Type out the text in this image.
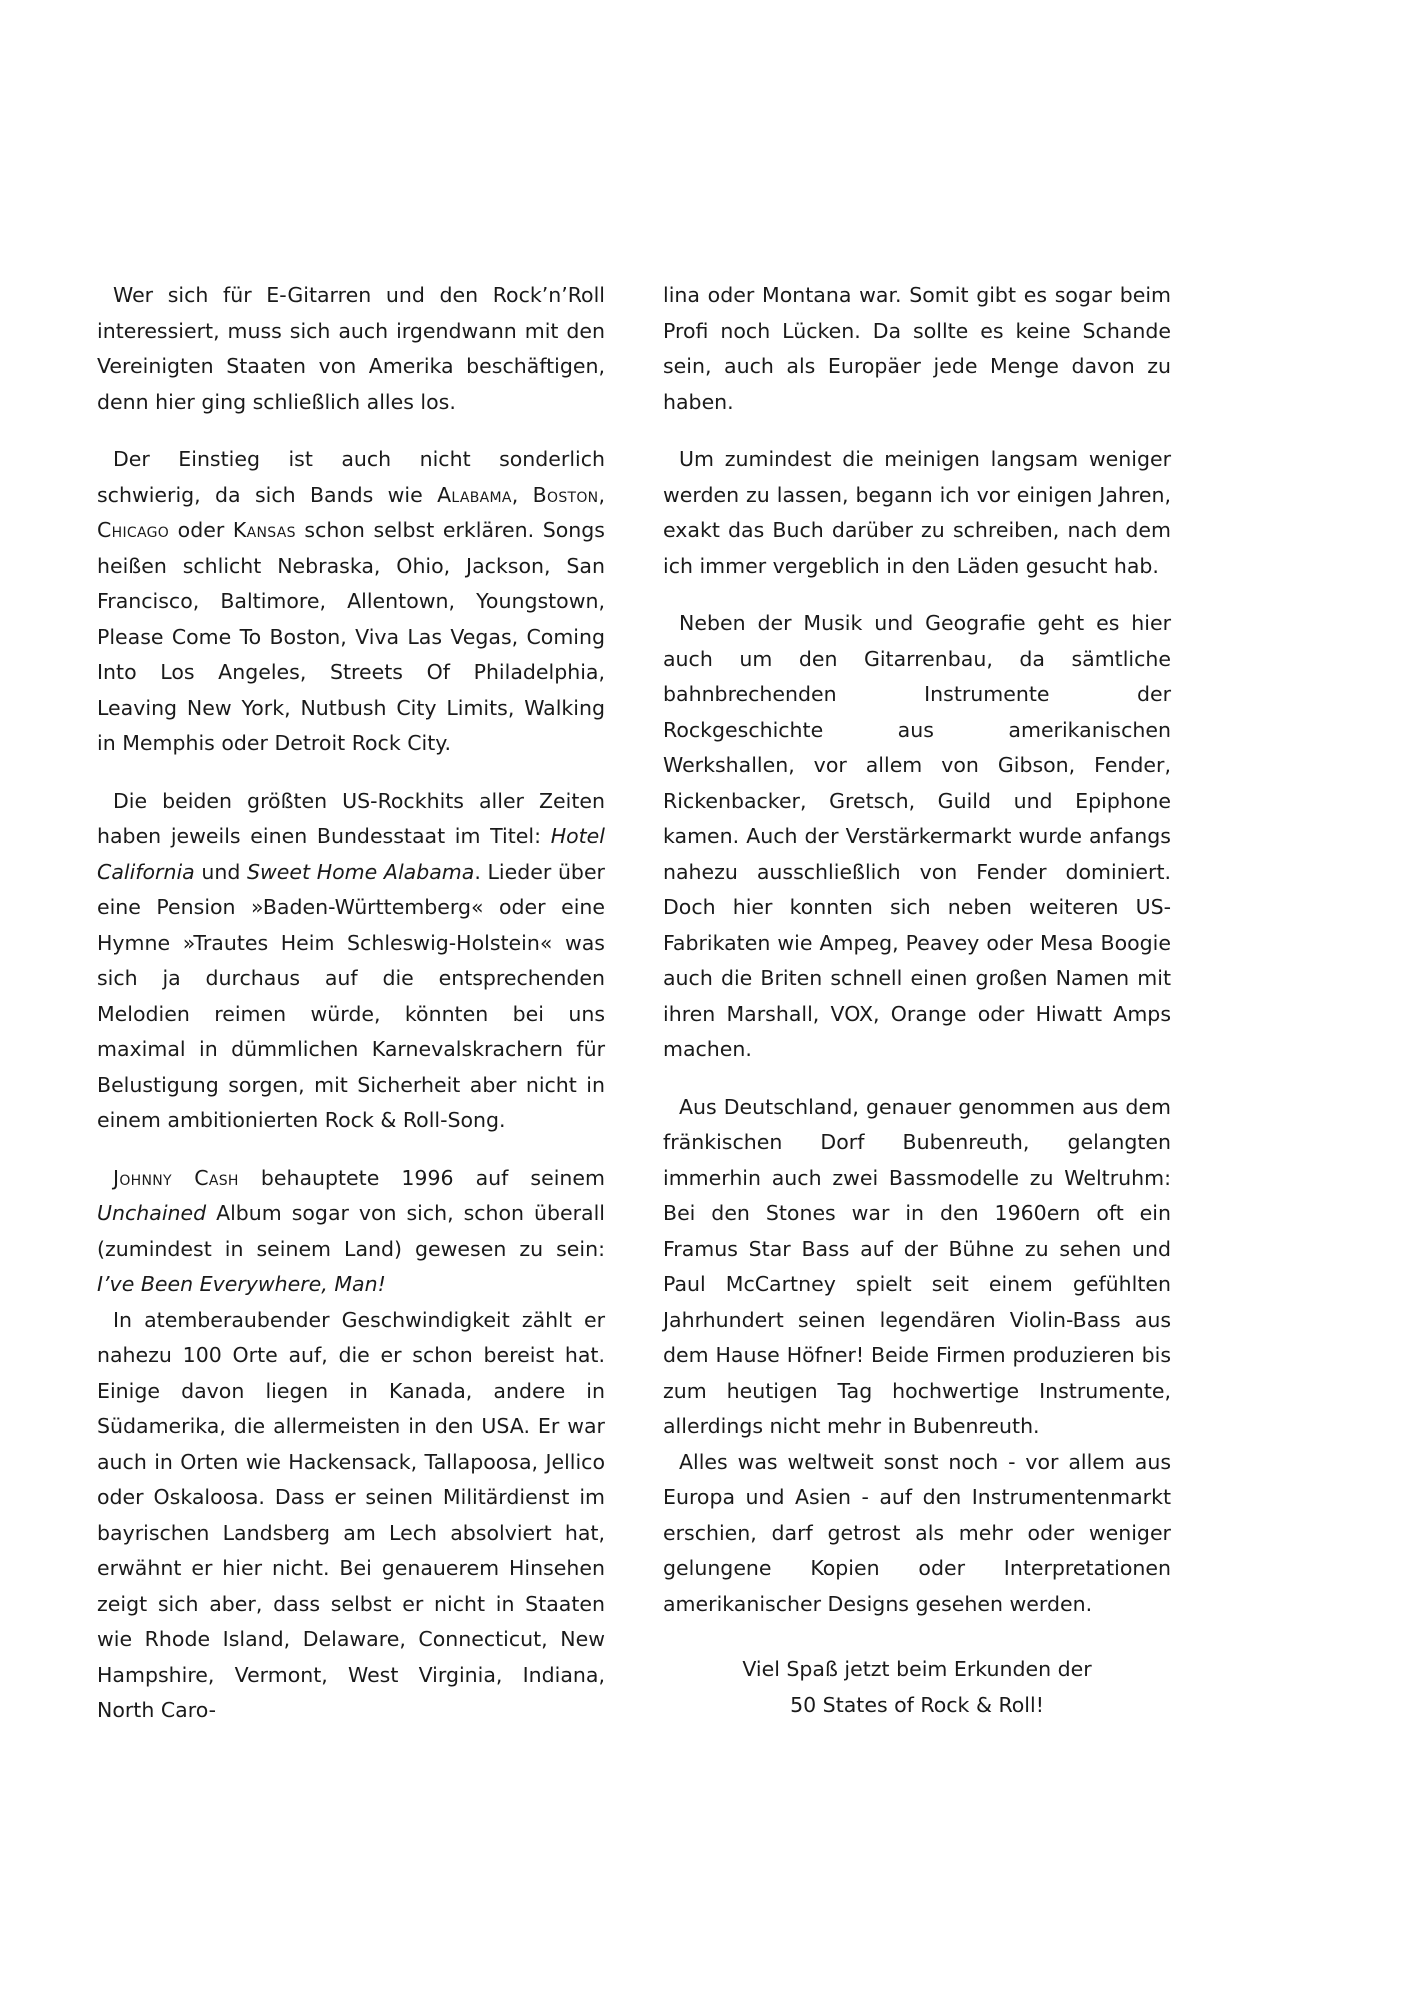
Wer sich für E-Gitarren und den Rock’n’Roll interessiert, muss sich auch irgendwann mit den Vereinigten Staaten von Amerika beschäftigen, denn hier ging schließlich alles los.

Der Einstieg ist auch nicht sonderlich schwierig, da sich Bands wie Alabama, Boston, Chicago oder Kansas schon selbst erklären. Songs heißen schlicht Nebraska, Ohio, Jackson, San Francisco, Baltimore, Allentown, Youngstown, Please Come To Boston, Viva Las Vegas, Coming Into Los Angeles, Streets Of Philadelphia, Leaving New York, Nutbush City Limits, Walking in Memphis oder Detroit Rock City.

Die beiden größten US-Rockhits aller Zeiten haben jeweils einen Bundesstaat im Titel: Hotel California und Sweet Home Alabama. Lieder über eine Pension »Baden-Württemberg« oder eine Hymne »Trautes Heim Schleswig-Holstein« was sich ja durchaus auf die entsprechenden Melodien reimen würde, könnten bei uns maximal in dümmlichen Karnevalskrachern für Belustigung sorgen, mit Sicherheit aber nicht in einem ambitionierten Rock & Roll-Song.

Johnny Cash behauptete 1996 auf seinem Unchained Album sogar von sich, schon überall (zumindest in seinem Land) gewesen zu sein: I’ve Been Everywhere, Man!

In atemberaubender Geschwindigkeit zählt er nahezu 100 Orte auf, die er schon bereist hat. Einige davon liegen in Kanada, andere in Südamerika, die allermeisten in den USA. Er war auch in Orten wie Hackensack, Tallapoosa, Jellico oder Oskaloosa. Dass er seinen Militärdienst im bayrischen Landsberg am Lech absolviert hat, erwähnt er hier nicht. Bei genauerem Hinsehen zeigt sich aber, dass selbst er nicht in Staaten wie Rhode Island, Delaware, Connecticut, New Hampshire, Vermont, West Virginia, Indiana, North Caro-

lina oder Montana war. Somit gibt es sogar beim Profi noch Lücken. Da sollte es keine Schande sein, auch als Europäer jede Menge davon zu haben.

Um zumindest die meinigen langsam weniger werden zu lassen, begann ich vor einigen Jahren, exakt das Buch darüber zu schreiben, nach dem ich immer vergeblich in den Läden gesucht hab.

Neben der Musik und Geografie geht es hier auch um den Gitarrenbau, da sämtliche bahnbrechenden Instrumente der Rockgeschichte aus amerikanischen Werkshallen, vor allem von Gibson, Fender, Rickenbacker, Gretsch, Guild und Epiphone kamen. Auch der Verstärkermarkt wurde anfangs nahezu ausschließlich von Fender dominiert. Doch hier konnten sich neben weiteren US-Fabrikaten wie Ampeg, Peavey oder Mesa Boogie auch die Briten schnell einen großen Namen mit ihren Marshall, VOX, Orange oder Hiwatt Amps machen.

Aus Deutschland, genauer genommen aus dem fränkischen Dorf Bubenreuth, gelangten immerhin auch zwei Bassmodelle zu Weltruhm: Bei den Stones war in den 1960ern oft ein Framus Star Bass auf der Bühne zu sehen und Paul McCartney spielt seit einem gefühlten Jahrhundert seinen legendären Violin-Bass aus dem Hause Höfner! Beide Firmen produzieren bis zum heutigen Tag hochwertige Instrumente, allerdings nicht mehr in Bubenreuth.

Alles was weltweit sonst noch - vor allem aus Europa und Asien - auf den Instrumentenmarkt erschien, darf getrost als mehr oder weniger gelungene Kopien oder Interpretationen amerikanischer Designs gesehen werden.

Viel Spaß jetzt beim Erkunden der
50 States of Rock & Roll!
